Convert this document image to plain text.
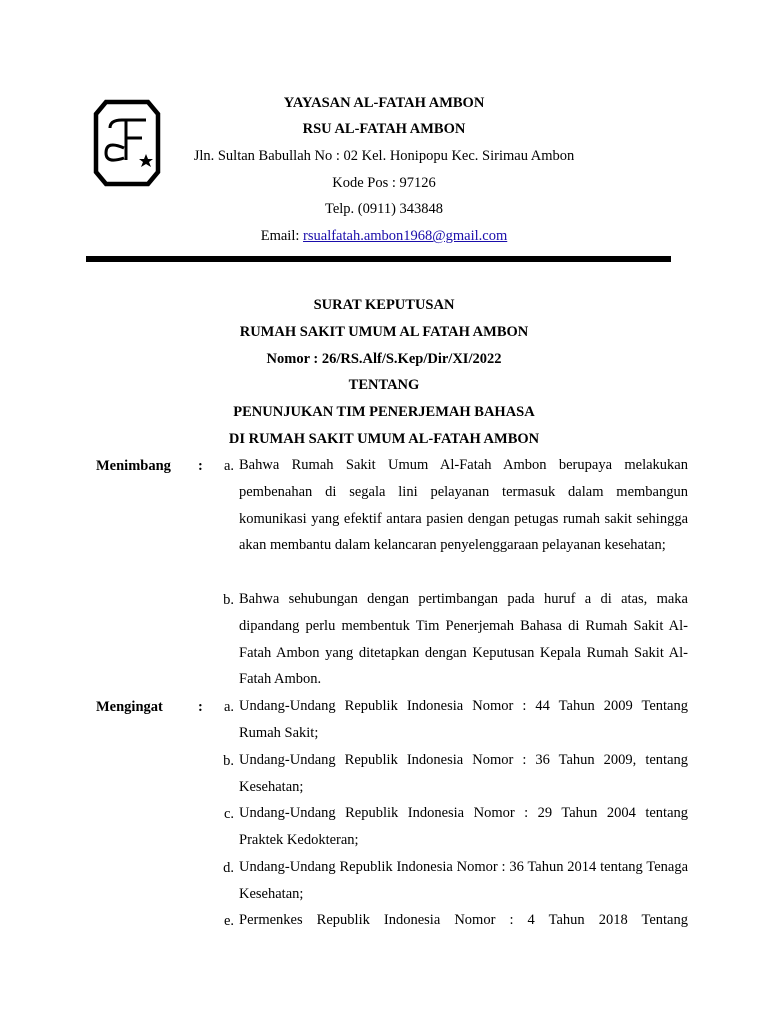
YAYASAN AL-FATAH AMBON
RSU AL-FATAH AMBON
Jln. Sultan Babullah No : 02 Kel. Honipopu Kec. Sirimau Ambon
Kode Pos : 97126
Telp. (0911) 343848
Email: rsualfatah.ambon1968@gmail.com
SURAT KEPUTUSAN
RUMAH SAKIT UMUM AL FATAH AMBON
Nomor : 26/RS.Alf/S.Kep/Dir/XI/2022
TENTANG
PENUNJUKAN TIM PENERJEMAH BAHASA
DI RUMAH SAKIT UMUM AL-FATAH AMBON
Menimbang :	a. Bahwa Rumah Sakit Umum Al-Fatah Ambon berupaya melakukan pembenahan di segala lini pelayanan termasuk dalam membangun komunikasi yang efektif antara pasien dengan petugas rumah sakit sehingga akan membantu dalam kelancaran penyelenggaraan pelayanan kesehatan;
b. Bahwa sehubungan dengan pertimbangan pada huruf a di atas, maka dipandang perlu membentuk Tim Penerjemah Bahasa di Rumah Sakit Al-Fatah Ambon yang ditetapkan dengan Keputusan Kepala Rumah Sakit Al-Fatah Ambon.
Mengingat :	a. Undang-Undang Republik Indonesia Nomor : 44 Tahun 2009 Tentang Rumah Sakit;
b. Undang-Undang Republik Indonesia Nomor : 36 Tahun 2009, tentang Kesehatan;
c. Undang-Undang Republik Indonesia Nomor : 29 Tahun 2004 tentang Praktek Kedokteran;
d. Undang-Undang Republik Indonesia Nomor : 36 Tahun 2014 tentang Tenaga Kesehatan;
e. Permenkes Republik Indonesia Nomor : 4 Tahun 2018 Tentang
